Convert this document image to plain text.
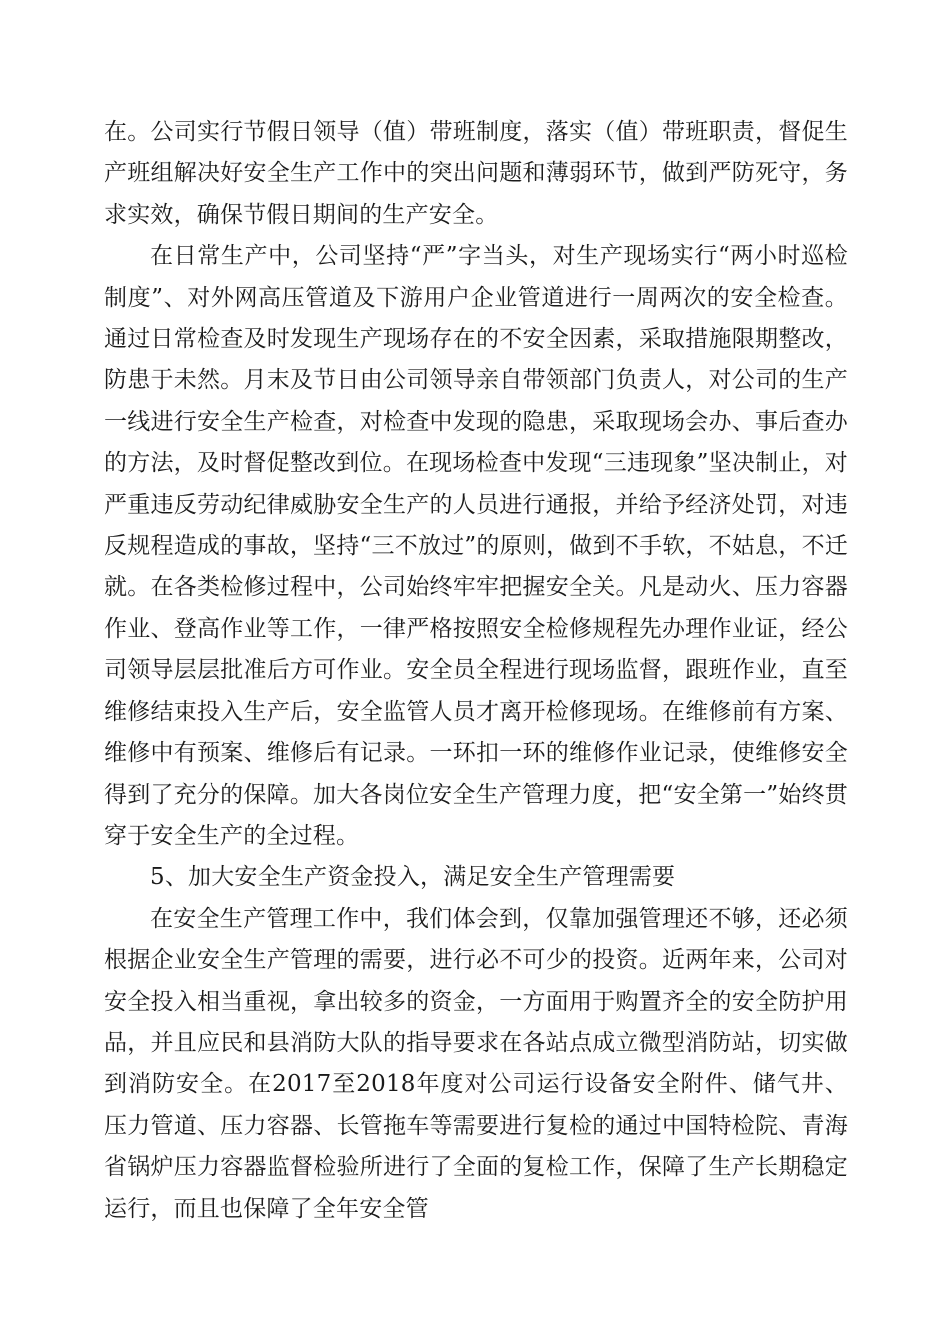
在。公司实行节假日领导（值）带班制度，落实（值）带班职责，督促生产班组解决好安全生产工作中的突出问题和薄弱环节，做到严防死守，务求实效，确保节假日期间的生产安全。

在日常生产中，公司坚持“严”字当头，对生产现场实行“两小时巡检制度”、对外网高压管道及下游用户企业管道进行一周两次的安全检查。通过日常检查及时发现生产现场存在的不安全因素，采取措施限期整改，防患于未然。月末及节日由公司领导亲自带领部门负责人，对公司的生产一线进行安全生产检查，对检查中发现的隐患，采取现场会办、事后查办的方法，及时督促整改到位。在现场检查中发现“三违现象”坚决制止，对严重违反劳动纪律威胁安全生产的人员进行通报，并给予经济处罚，对违反规程造成的事故，坚持“三不放过”的原则，做到不手软，不姑息，不迁就。在各类检修过程中，公司始终牢牢把握安全关。凡是动火、压力容器作业、登高作业等工作，一律严格按照安全检修规程先办理作业证，经公司领导层层批准后方可作业。安全员全程进行现场监督，跟班作业，直至维修结束投入生产后，安全监管人员才离开检修现场。在维修前有方案、维修中有预案、维修后有记录。一环扣一环的维修作业记录，使维修安全得到了充分的保障。加大各岗位安全生产管理力度，把“安全第一”始终贯穿于安全生产的全过程。

5、加大安全生产资金投入，满足安全生产管理需要

在安全生产管理工作中，我们体会到，仅靠加强管理还不够，还必须根据企业安全生产管理的需要，进行必不可少的投资。近两年来，公司对安全投入相当重视，拿出较多的资金，一方面用于购置齐全的安全防护用品，并且应民和县消防大队的指导要求在各站点成立微型消防站，切实做到消防安全。在2017至2018年度对公司运行设备安全附件、储气井、压力管道、压力容器、长管拖车等需要进行复检的通过中国特检院、青海省锅炉压力容器监督检验所进行了全面的复检工作，保障了生产长期稳定运行，而且也保障了全年安全管
